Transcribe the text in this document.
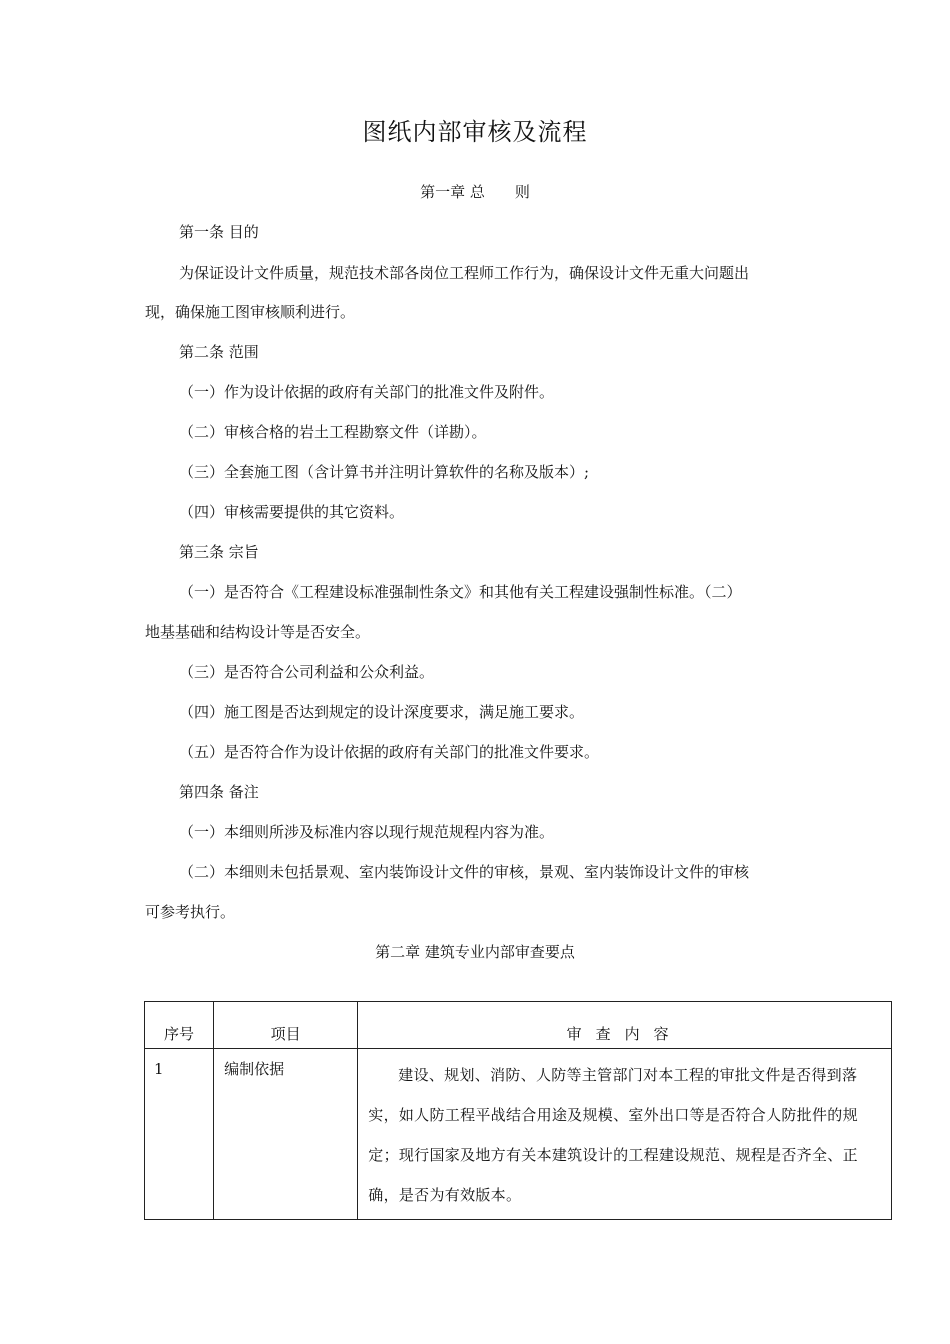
图纸内部审核及流程
第一章 总　　则
第一条 目的
为保证设计文件质量，规范技术部各岗位工程师工作行为，确保设计文件无重大问题出
现，确保施工图审核顺利进行。
第二条 范围
（一）作为设计依据的政府有关部门的批准文件及附件。
（二）审核合格的岩土工程勘察文件（详勘）。
（三）全套施工图（含计算书并注明计算软件的名称及版本）;
（四）审核需要提供的其它资料。
第三条 宗旨
（一）是否符合《工程建设标准强制性条文》和其他有关工程建设强制性标准。（二）
地基基础和结构设计等是否安全。
（三）是否符合公司利益和公众利益。
（四）施工图是否达到规定的设计深度要求，满足施工要求。
（五）是否符合作为设计依据的政府有关部门的批准文件要求。
第四条 备注
（一）本细则所涉及标准内容以现行规范规程内容为准。
（二）本细则未包括景观、室内装饰设计文件的审核，景观、室内装饰设计文件的审核
可参考执行。
第二章 建筑专业内部审查要点
序号	项目	审查内容
1	编制依据	建设、规划、消防、人防等主管部门对本工程的审批文件是否得到落实，如人防工程平战结合用途及规模、室外出口等是否符合人防批件的规定；现行国家及地方有关本建筑设计的工程建设规范、规程是否齐全、正确，是否为有效版本。
